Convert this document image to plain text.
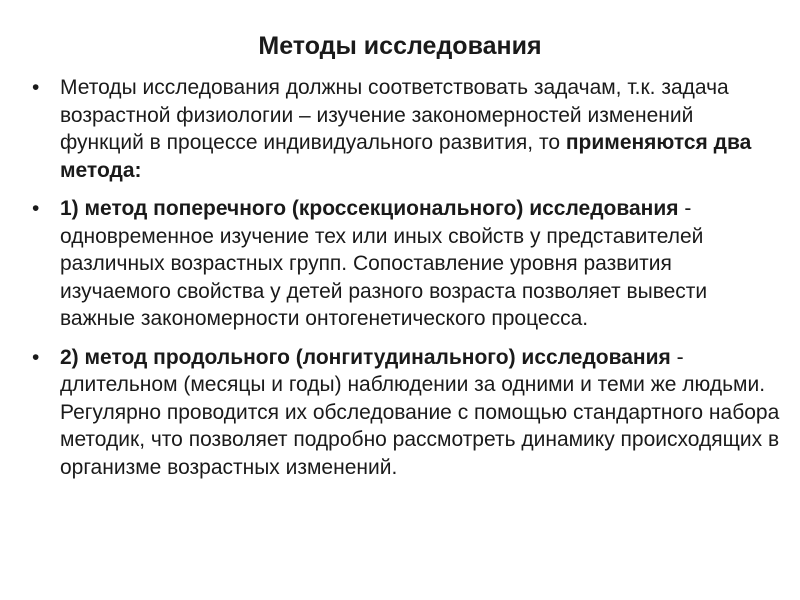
Методы исследования
• Методы исследования должны соответствовать задачам, т.к. задача возрастной физиологии – изучение закономерностей изменений функций в процессе индивидуального развития, то применяются два метода:
• 1) метод поперечного (кроссекционального) исследования - одновременное изучение тех или иных свойств у представителей различных возрастных групп. Сопоставление уровня развития изучаемого свойства у детей разного возраста позволяет вывести важные закономерности онтогенетического процесса.
• 2) метод продольного (лонгитудинального) исследования - длительном (месяцы и годы) наблюдении за одними и теми же людьми. Регулярно проводится их обследование с помощью стандартного набора методик, что позволяет подробно рассмотреть динамику происходящих в организме возрастных изменений.
